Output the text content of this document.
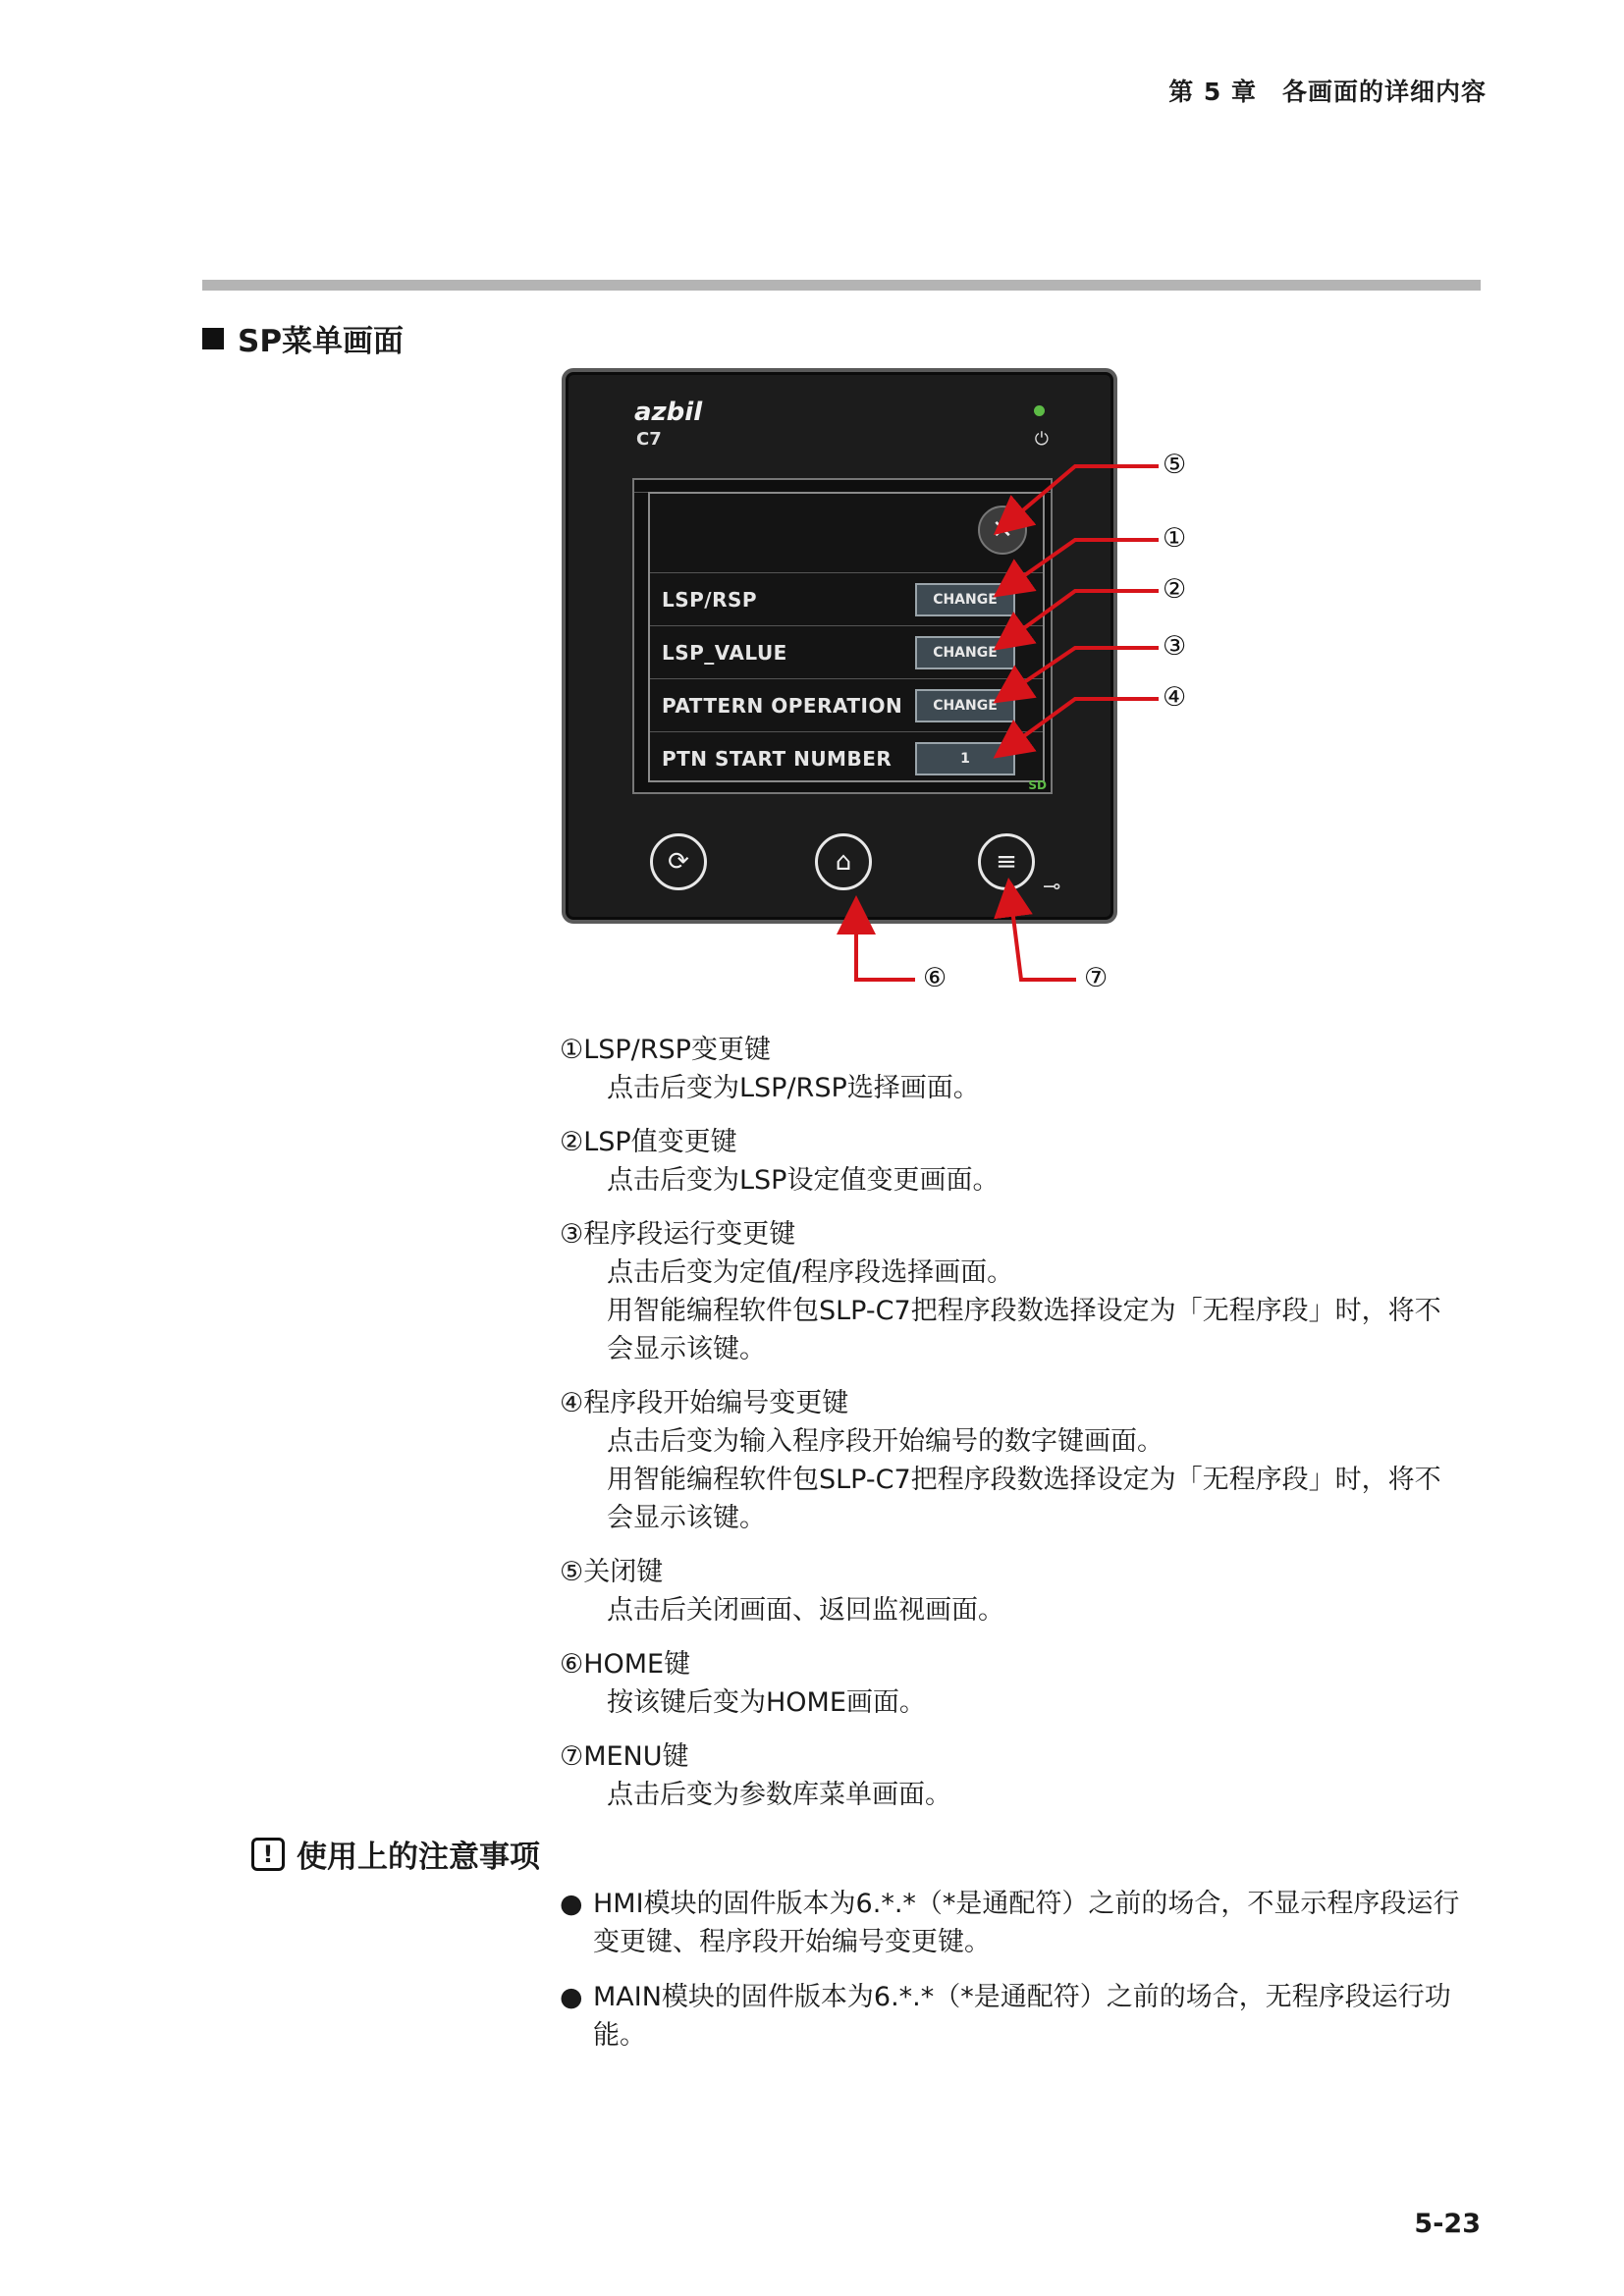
第 5 章　各画面的详细内容
SP菜单画面
azbil
C7	⏻
✕
LSP/RSP	CHANGE
LSP_VALUE	CHANGE
PATTERN OPERATION	CHANGE
PTN START NUMBER	1
SD
⟳	⌂	≡
⊸
⑤
①
②
③
④
⑥	⑦
①LSP/RSP变更键
点击后变为LSP/RSP选择画面。
②LSP值变更键
点击后变为LSP设定值变更画面。
③程序段运行变更键
点击后变为定值/程序段选择画面。
用智能编程软件包SLP-C7把程序段数选择设定为「无程序段」时，将不
会显示该键。
④程序段开始编号变更键
点击后变为输入程序段开始编号的数字键画面。
用智能编程软件包SLP-C7把程序段数选择设定为「无程序段」时，将不
会显示该键。
⑤关闭键
点击后关闭画面、返回监视画面。
⑥HOME键
按该键后变为HOME画面。
⑦MENU键
点击后变为参数库菜单画面。
! 使用上的注意事项
● HMI模块的固件版本为6.*.*（*是通配符）之前的场合，不显示程序段运行
变更键、程序段开始编号变更键。
● MAIN模块的固件版本为6.*.*（*是通配符）之前的场合，无程序段运行功
能。
5-23
